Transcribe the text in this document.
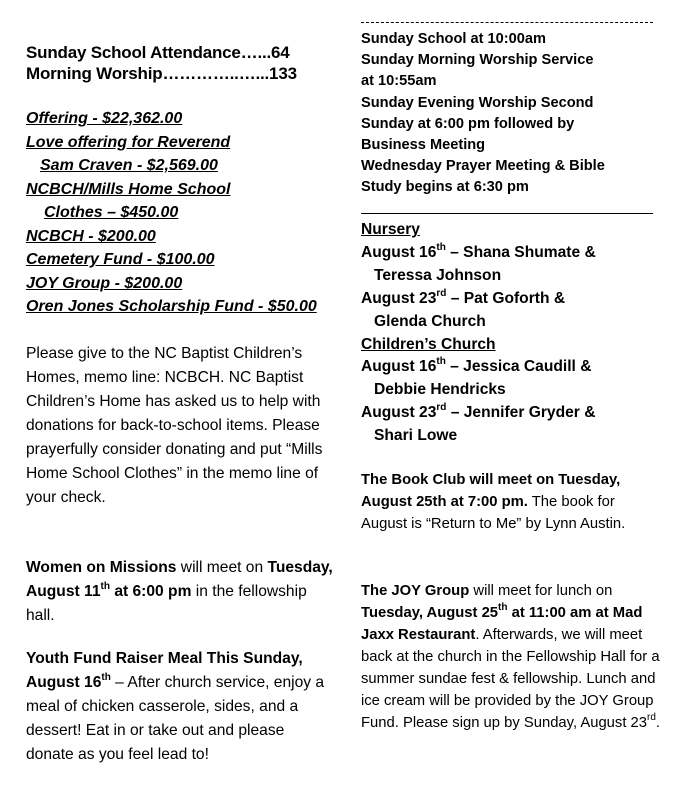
Sunday School Attendance…...64
Morning Worship…………..…...133
Offering - $22,362.00
Love offering for Reverend
Sam Craven - $2,569.00
NCBCH/Mills Home School
Clothes – $450.00
NCBCH - $200.00
Cemetery Fund - $100.00
JOY Group - $200.00
Oren Jones Scholarship Fund - $50.00
Please give to the NC Baptist Children’s Homes, memo line: NCBCH. NC Baptist Children’s Home has asked us to help with donations for back-to-school items. Please prayerfully consider donating and put “Mills Home School Clothes” in the memo line of your check.
Women on Missions will meet on Tuesday, August 11th at 6:00 pm in the fellowship hall.
Youth Fund Raiser Meal This Sunday, August 16th – After church service, enjoy a meal of chicken casserole, sides, and a dessert! Eat in or take out and please donate as you feel lead to!
Sunday School at 10:00am
Sunday Morning Worship Service
at 10:55am
Sunday Evening Worship Second
Sunday at 6:00 pm followed by
Business Meeting
Wednesday Prayer Meeting & Bible
Study begins at 6:30 pm
Nursery
August 16th – Shana Shumate &
Teressa Johnson
August 23rd – Pat Goforth &
Glenda Church
Children’s Church
August 16th – Jessica Caudill &
Debbie Hendricks
August 23rd – Jennifer Gryder &
Shari Lowe
The Book Club will meet on Tuesday, August 25th at 7:00 pm. The book for August is “Return to Me” by Lynn Austin.
The JOY Group will meet for lunch on Tuesday, August 25th at 11:00 am at Mad Jaxx Restaurant. Afterwards, we will meet back at the church in the Fellowship Hall for a summer sundae fest & fellowship. Lunch and ice cream will be provided by the JOY Group Fund. Please sign up by Sunday, August 23rd.
